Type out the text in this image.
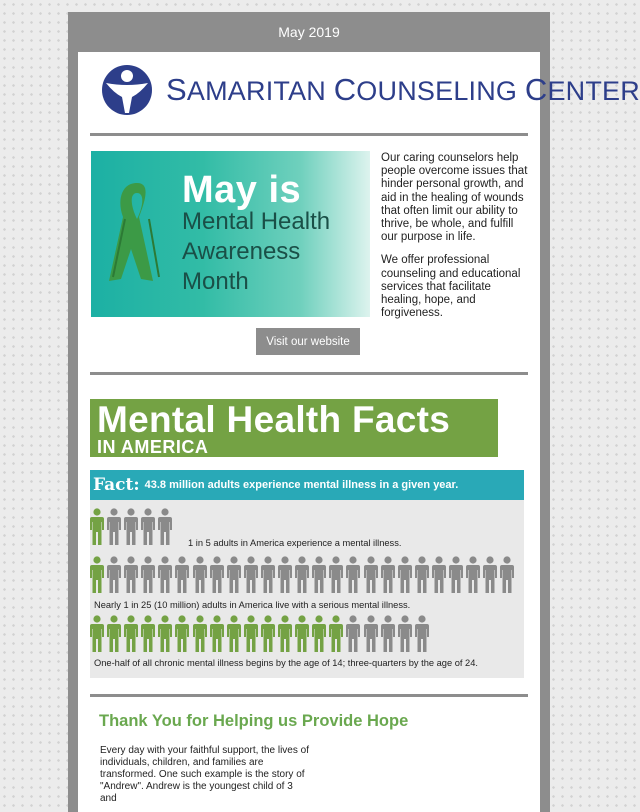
May 2019
SAMARITAN COUNSELING CENTER
May is
Mental Health
Awareness
Month

Our caring counselors help people overcome issues that hinder personal growth, and aid in the healing of wounds that often limit our ability to thrive, be whole, and fulfill our purpose in life.

We offer professional counseling and educational services that facilitate healing, hope, and forgiveness.

Visit our website
Mental Health Facts
IN AMERICA
Fact: 43.8 million adults experience mental illness in a given year.
1 in 5 adults in America experience a mental illness.
Nearly 1 in 25 (10 million) adults in America live with a serious mental illness.
One-half of all chronic mental illness begins by the age of 14; three-quarters by the age of 24.
Thank You for Helping us Provide Hope
Every day with your faithful support, the lives of individuals, children, and families are transformed. One such example is the story of "Andrew". Andrew is the youngest child of 3 and
